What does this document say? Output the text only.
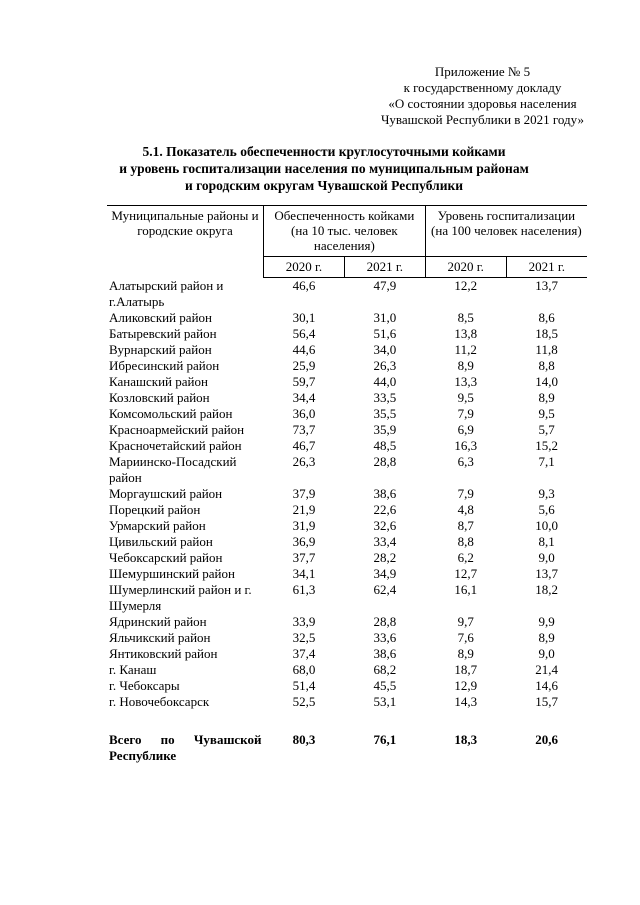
Приложение № 5
к государственному докладу
«О состоянии здоровья населения
Чувашской Республики в 2021 году»
5.1. Показатель обеспеченности круглосуточными койками
и уровень госпитализации населения по муниципальным районам
и городским округам Чувашской Республики
Муниципальные районы и городские округа	Обеспеченность койками (на 10 тыс. человек населения)		Уровень госпитализации (на 100 человек населения)	
	2020 г.	2021 г.	2020 г.	2021 г.
Алатырский район и г.Алатырь	46,6	47,9	12,2	13,7
Аликовский район	30,1	31,0	8,5	8,6
Батыревский район	56,4	51,6	13,8	18,5
Вурнарский район	44,6	34,0	11,2	11,8
Ибресинский район	25,9	26,3	8,9	8,8
Канашский район	59,7	44,0	13,3	14,0
Козловский район	34,4	33,5	9,5	8,9
Комсомольский район	36,0	35,5	7,9	9,5
Красноармейский район	73,7	35,9	6,9	5,7
Красночетайский район	46,7	48,5	16,3	15,2
Мариинско-Посадский район	26,3	28,8	6,3	7,1
Моргаушский район	37,9	38,6	7,9	9,3
Порецкий район	21,9	22,6	4,8	5,6
Урмарский район	31,9	32,6	8,7	10,0
Цивильский район	36,9	33,4	8,8	8,1
Чебоксарский район	37,7	28,2	6,2	9,0
Шемуршинский район	34,1	34,9	12,7	13,7
Шумерлинский район и г. Шумерля	61,3	62,4	16,1	18,2
Ядринский район	33,9	28,8	9,7	9,9
Яльчикский район	32,5	33,6	7,6	8,9
Янтиковский район	37,4	38,6	8,9	9,0
г. Канаш	68,0	68,2	18,7	21,4
г. Чебоксары	51,4	45,5	12,9	14,6
г. Новочебоксарск	52,5	53,1	14,3	15,7

Всего по Чувашской
Республике	80,3	76,1	18,3	20,6
